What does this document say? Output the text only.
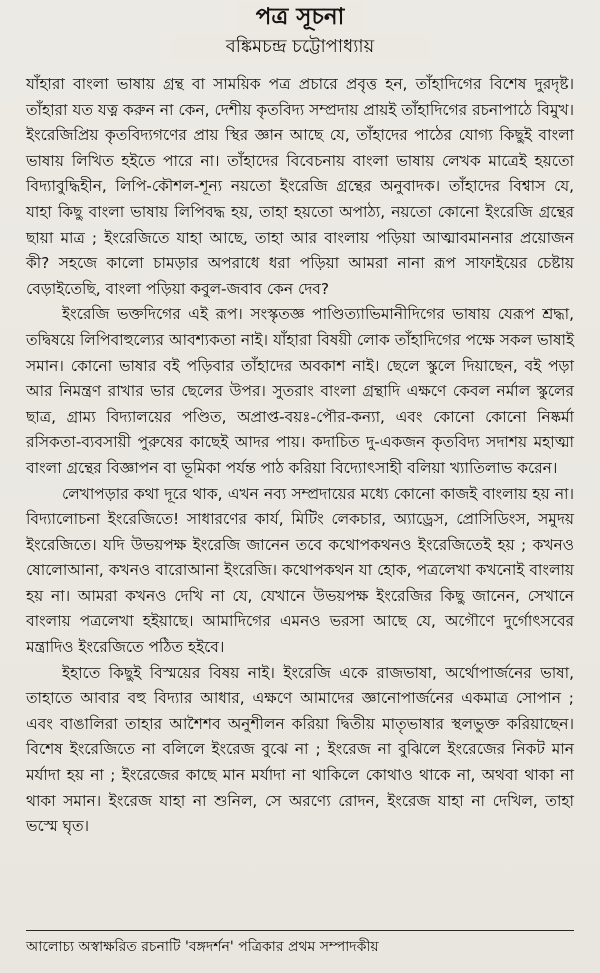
পত্র সূচনা
বঙ্কিমচন্দ্র চট্টোপাধ্যায়

যাঁহারা বাংলা ভাষায় গ্রন্থ বা সাময়িক পত্র প্রচারে প্রবৃত্ত হন, তাঁহাদিগের বিশেষ দুরদৃষ্ট। তাঁহারা যত যত্ন করুন না কেন, দেশীয় কৃতবিদ্য সম্প্রদায় প্রায়ই তাঁহাদিগের রচনাপাঠে বিমুখ। ইংরেজিপ্রিয় কৃতবিদ্যগণের প্রায় স্থির জ্ঞান আছে যে, তাঁহাদের পাঠের যোগ্য কিছুই বাংলা ভাষায় লিখিত হইতে পারে না। তাঁহাদের বিবেচনায় বাংলা ভাষায় লেখক মাত্রেই হয়তো বিদ্যাবুদ্ধিহীন, লিপি-কৌশল-শূন্য নয়তো ইংরেজি গ্রন্থের অনুবাদক। তাঁহাদের বিশ্বাস যে, যাহা কিছু বাংলা ভাষায় লিপিবদ্ধ হয়, তাহা হয়তো অপাঠ্য, নয়তো কোনো ইংরেজি গ্রন্থের ছায়া মাত্র ; ইংরেজিতে যাহা আছে, তাহা আর বাংলায় পড়িয়া আত্মাবমাননার প্রয়োজন কী? সহজে কালো চামড়ার অপরাধে ধরা পড়িয়া আমরা নানা রূপ সাফাইয়ের চেষ্টায় বেড়াইতেছি, বাংলা পড়িয়া কবুল-জবাব কেন দেব?

ইংরেজি ভক্তদিগের এই রূপ। সংস্কৃতজ্ঞ পাণ্ডিত্যাভিমানীদিগের ভাষায় যেরূপ শ্রদ্ধা, তদ্বিষয়ে লিপিবাহুল্যের আবশ্যকতা নাই। যাঁহারা বিষয়ী লোক তাঁহাদিগের পক্ষে সকল ভাষাই সমান। কোনো ভাষার বই পড়িবার তাঁহাদের অবকাশ নাই। ছেলে স্কুলে দিয়াছেন, বই পড়া আর নিমন্ত্রণ রাখার ভার ছেলের উপর। সুতরাং বাংলা গ্রন্থাদি এক্ষণে কেবল নর্মাল স্কুলের ছাত্র, গ্রাম্য বিদ্যালয়ের পণ্ডিত, অপ্রাপ্ত-বয়ঃ-পৌর-কন্যা, এবং কোনো কোনো নিষ্কর্মা রসিকতা-ব্যবসায়ী পুরুষের কাছেই আদর পায়। কদাচিত দু-একজন কৃতবিদ্য সদাশয় মহাত্মা বাংলা গ্রন্থের বিজ্ঞাপন বা ভূমিকা পর্যন্ত পাঠ করিয়া বিদ্যোৎসাহী বলিয়া খ্যাতিলাভ করেন।

লেখাপড়ার কথা দূরে থাক, এখন নব্য সম্প্রদায়ের মধ্যে কোনো কাজই বাংলায় হয় না। বিদ্যালোচনা ইংরেজিতে! সাধারণের কার্য, মিটিং লেকচার, অ্যাড্রেস, প্রোসিডিংস, সমুদয় ইংরেজিতে। যদি উভয়পক্ষ ইংরেজি জানেন তবে কথোপকথনও ইংরেজিতেই হয় ; কখনও ষোলোআনা, কখনও বারোআনা ইংরেজি। কথোপকথন যা হোক, পত্রলেখা কখনোই বাংলায় হয় না। আমরা কখনও দেখি না যে, যেখানে উভয়পক্ষ ইংরেজির কিছু জানেন, সেখানে বাংলায় পত্রলেখা হইয়াছে। আমাদিগের এমনও ভরসা আছে যে, অগৌণে দুর্গোৎসবের মন্ত্রাদিও ইংরেজিতে পঠিত হইবে।

ইহাতে কিছুই বিস্ময়ের বিষয় নাই। ইংরেজি একে রাজভাষা, অর্থোপার্জনের ভাষা, তাহাতে আবার বহু বিদ্যার আধার, এক্ষণে আমাদের জ্ঞানোপার্জনের একমাত্র সোপান ; এবং বাঙালিরা তাহার আশৈশব অনুশীলন করিয়া দ্বিতীয় মাতৃভাষার স্থলভুক্ত করিয়াছেন। বিশেষ ইংরেজিতে না বলিলে ইংরেজ বুঝে না ; ইংরেজ না বুঝিলে ইংরেজের নিকট মান মর্যাদা হয় না ; ইংরেজের কাছে মান মর্যাদা না থাকিলে কোথাও থাকে না, অথবা থাকা না থাকা সমান। ইংরেজ যাহা না শুনিল, সে অরণ্যে রোদন, ইংরেজ যাহা না দেখিল, তাহা ভস্মে ঘৃত।

আলোচ্য অস্বাক্ষরিত রচনাটি 'বঙ্গদর্শন' পত্রিকার প্রথম সম্পাদকীয়
